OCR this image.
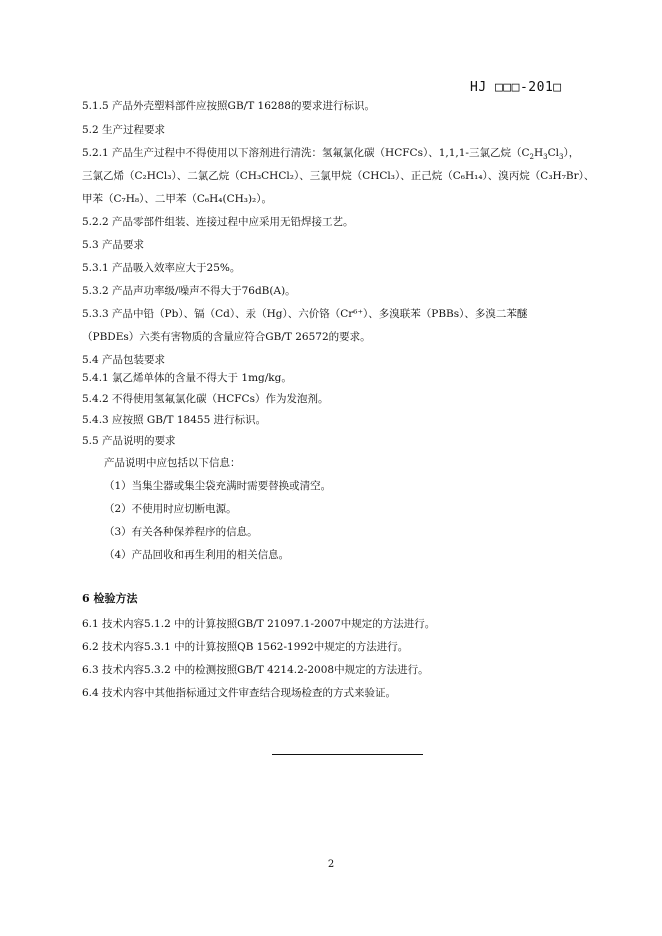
HJ □□□-201□
5.1.5 产品外壳塑料部件应按照GB/T 16288的要求进行标识。
5.2 生产过程要求
5.2.1 产品生产过程中不得使用以下溶剂进行清洗：氢氟氯化碳（HCFCs）、1,1,1-三氯乙烷$(C_2H_3Cl_3)$，
三氯乙烯（C₂HCl₃）、二氯乙烷（CH₃CHCl₂）、三氯甲烷（CHCl₃）、正己烷（C₆H₁₄）、溴丙烷（C₃H₇Br）、
甲苯（C₇H₈）、二甲苯（C₆H₄(CH₃)₂）。
5.2.2 产品零部件组装、连接过程中应采用无铅焊接工艺。
5.3 产品要求
5.3.1 产品吸入效率应大于25%。
5.3.2 产品声功率级/噪声不得大于76dB(A)。
5.3.3 产品中铅（Pb）、镉（Cd）、汞（Hg）、六价铬（Cr⁶⁺）、多溴联苯（PBBs）、多溴二苯醚
（PBDEs）六类有害物质的含量应符合GB/T 26572的要求。
5.4 产品包装要求
5.4.1 氯乙烯单体的含量不得大于 1mg/kg。
5.4.2 不得使用氢氟氯化碳（HCFCs）作为发泡剂。
5.4.3 应按照 GB/T 18455 进行标识。
5.5 产品说明的要求
产品说明中应包括以下信息：
（1）当集尘器或集尘袋充满时需要替换或清空。
（2）不使用时应切断电源。
（3）有关各种保养程序的信息。
（4）产品回收和再生利用的相关信息。
6 检验方法
6.1 技术内容5.1.2 中的计算按照GB/T 21097.1-2007中规定的方法进行。
6.2 技术内容5.3.1 中的计算按照QB 1562-1992中规定的方法进行。
6.3 技术内容5.3.2 中的检测按照GB/T 4214.2-2008中规定的方法进行。
6.4 技术内容中其他指标通过文件审查结合现场检查的方式来验证。
2
